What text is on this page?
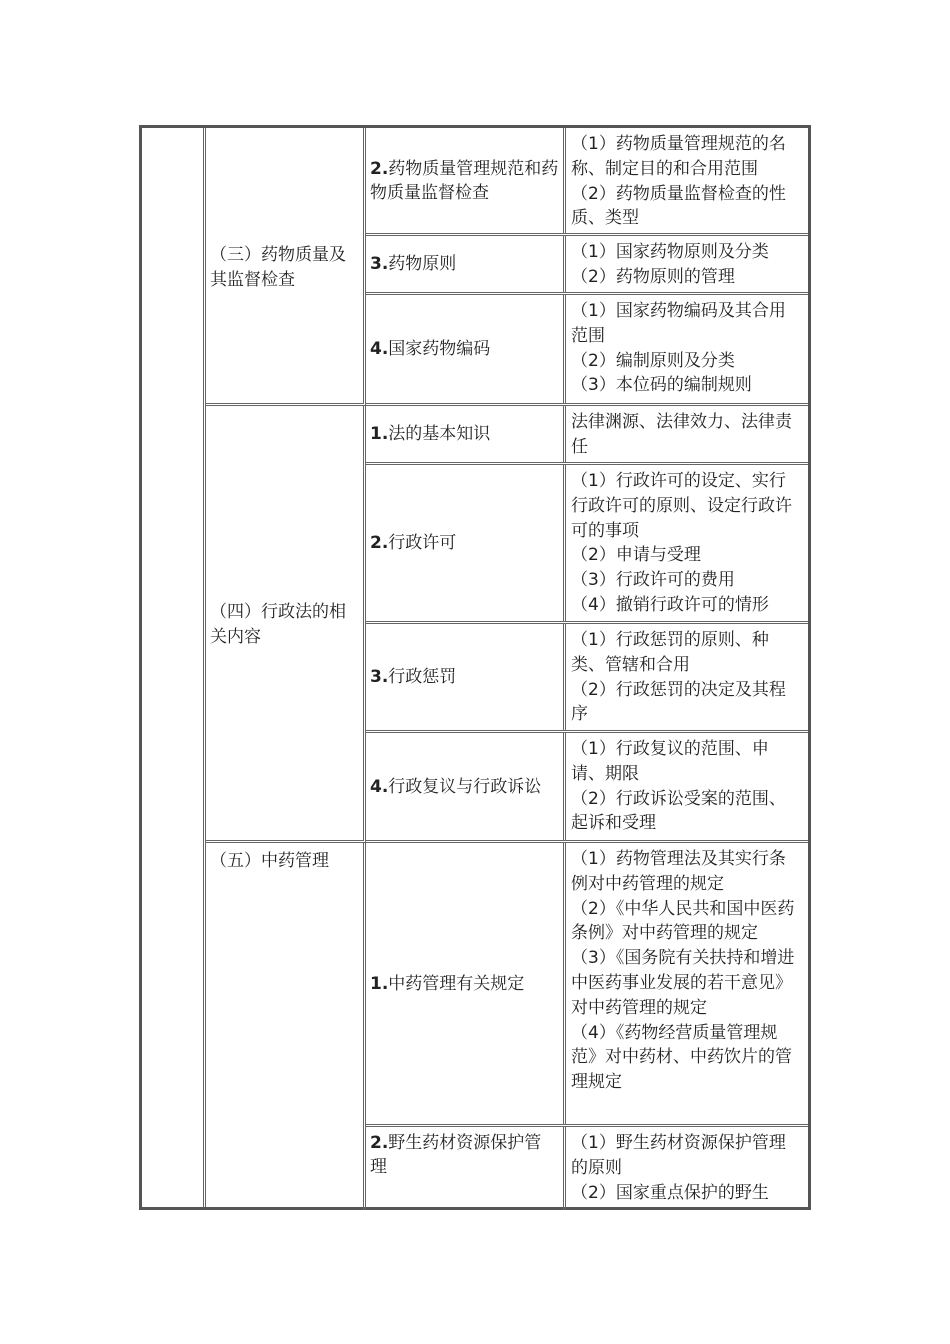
（三）药物质量及其监督检查
2.药物质量管理规范和药物质量监督检查
（1）药物质量管理规范的名称、制定目的和合用范围
（2）药物质量监督检查的性质、类型
3.药物原则
（1）国家药物原则及分类
（2）药物原则的管理
4.国家药物编码
（1）国家药物编码及其合用范围
（2）编制原则及分类
（3）本位码的编制规则
（四）行政法的相关内容
1.法的基本知识
法律渊源、法律效力、法律责任
2.行政许可
（1）行政许可的设定、实行行政许可的原则、设定行政许可的事项
（2）申请与受理
（3）行政许可的费用
（4）撤销行政许可的情形
3.行政惩罚
（1）行政惩罚的原则、种类、管辖和合用
（2）行政惩罚的决定及其程序
4.行政复议与行政诉讼
（1）行政复议的范围、申请、期限
（2）行政诉讼受案的范围、起诉和受理
（五）中药管理
1.中药管理有关规定
（1）药物管理法及其实行条例对中药管理的规定
（2）《中华人民共和国中医药条例》对中药管理的规定
（3）《国务院有关扶持和增进中医药事业发展的若干意见》对中药管理的规定
（4）《药物经营质量管理规范》对中药材、中药饮片的管理规定
2.野生药材资源保护管
理
（1）野生药材资源保护管理的原则
（2）国家重点保护的野生
